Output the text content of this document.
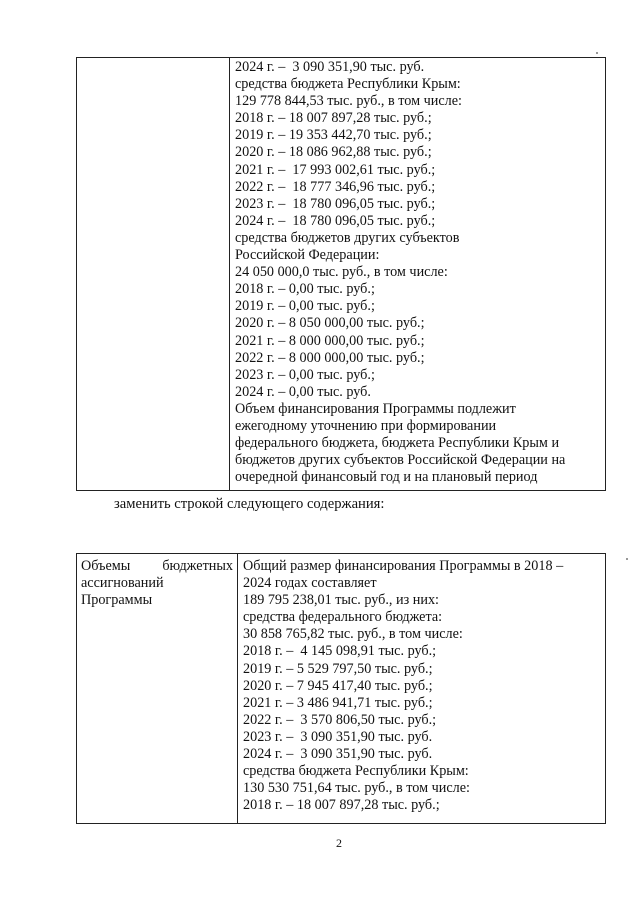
2024 г. –  3 090 351,90 тыс. руб.
средства бюджета Республики Крым:
129 778 844,53 тыс. руб., в том числе:
2018 г. – 18 007 897,28 тыс. руб.;
2019 г. – 19 353 442,70 тыс. руб.;
2020 г. – 18 086 962,88 тыс. руб.;
2021 г. –  17 993 002,61 тыс. руб.;
2022 г. –  18 777 346,96 тыс. руб.;
2023 г. –  18 780 096,05 тыс. руб.;
2024 г. –  18 780 096,05 тыс. руб.;
средства бюджетов других субъектов
Российской Федерации:
24 050 000,0 тыс. руб., в том числе:
2018 г. – 0,00 тыс. руб.;
2019 г. – 0,00 тыс. руб.;
2020 г. – 8 050 000,00 тыс. руб.;
2021 г. – 8 000 000,00 тыс. руб.;
2022 г. – 8 000 000,00 тыс. руб.;
2023 г. – 0,00 тыс. руб.;
2024 г. – 0,00 тыс. руб.
Объем финансирования Программы подлежит
ежегодному уточнению при формировании
федерального бюджета, бюджета Республики Крым и
бюджетов других субъектов Российской Федерации на
очередной финансовый год и на плановый период
заменить строкой следующего содержания:
Объемы бюджетных
ассигнований
Программы
Общий размер финансирования Программы в 2018 –
2024 годах составляет
189 795 238,01 тыс. руб., из них:
средства федерального бюджета:
30 858 765,82 тыс. руб., в том числе:
2018 г. –  4 145 098,91 тыс. руб.;
2019 г. – 5 529 797,50 тыс. руб.;
2020 г. – 7 945 417,40 тыс. руб.;
2021 г. – 3 486 941,71 тыс. руб.;
2022 г. –  3 570 806,50 тыс. руб.;
2023 г. –  3 090 351,90 тыс. руб.
2024 г. –  3 090 351,90 тыс. руб.
средства бюджета Республики Крым:
130 530 751,64 тыс. руб., в том числе:
2018 г. – 18 007 897,28 тыс. руб.;
2
